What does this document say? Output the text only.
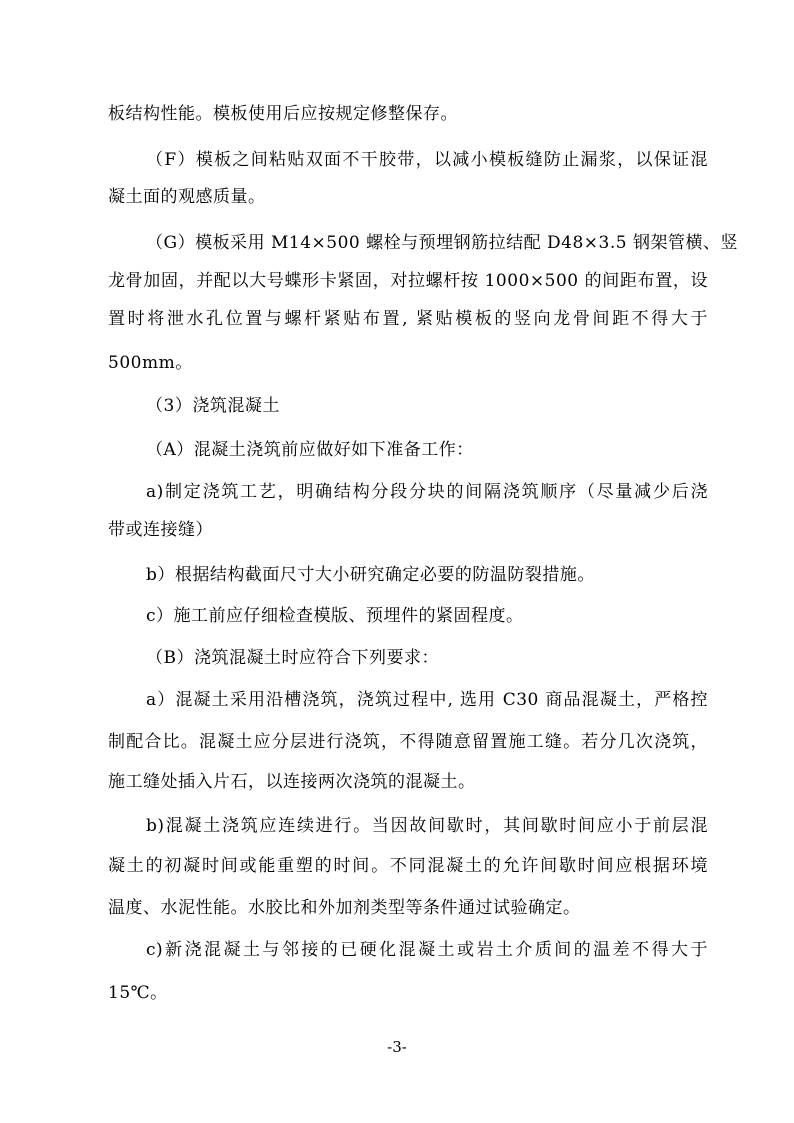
板结构性能。模板使用后应按规定修整保存。
（F）模板之间粘贴双面不干胶带，以减小模板缝防止漏浆，以保证混
凝土面的观感质量。
（G）模板采用 M14×500 螺栓与预埋钢筋拉结配 D48×3.5 钢架管横、竖
龙骨加固，并配以大号蝶形卡紧固，对拉螺杆按 1000×500 的间距布置，设
置时将泄水孔位置与螺杆紧贴布置, 紧贴模板的竖向龙骨间距不得大于
500mm。
（3）浇筑混凝土
（A）混凝土浇筑前应做好如下准备工作：
a)制定浇筑工艺，明确结构分段分块的间隔浇筑顺序（尽量减少后浇
带或连接缝）
b）根据结构截面尺寸大小研究确定必要的防温防裂措施。
c）施工前应仔细检查模版、预埋件的紧固程度。
（B）浇筑混凝土时应符合下列要求：
a）混凝土采用沿槽浇筑，浇筑过程中, 选用 C30 商品混凝土，严格控
制配合比。混凝土应分层进行浇筑，不得随意留置施工缝。若分几次浇筑，
施工缝处插入片石，以连接两次浇筑的混凝土。
b)混凝土浇筑应连续进行。当因故间歇时，其间歇时间应小于前层混
凝土的初凝时间或能重塑的时间。不同混凝土的允许间歇时间应根据环境
温度、水泥性能。水胶比和外加剂类型等条件通过试验确定。
c)新浇混凝土与邻接的已硬化混凝土或岩土介质间的温差不得大于
15℃。
-3-
